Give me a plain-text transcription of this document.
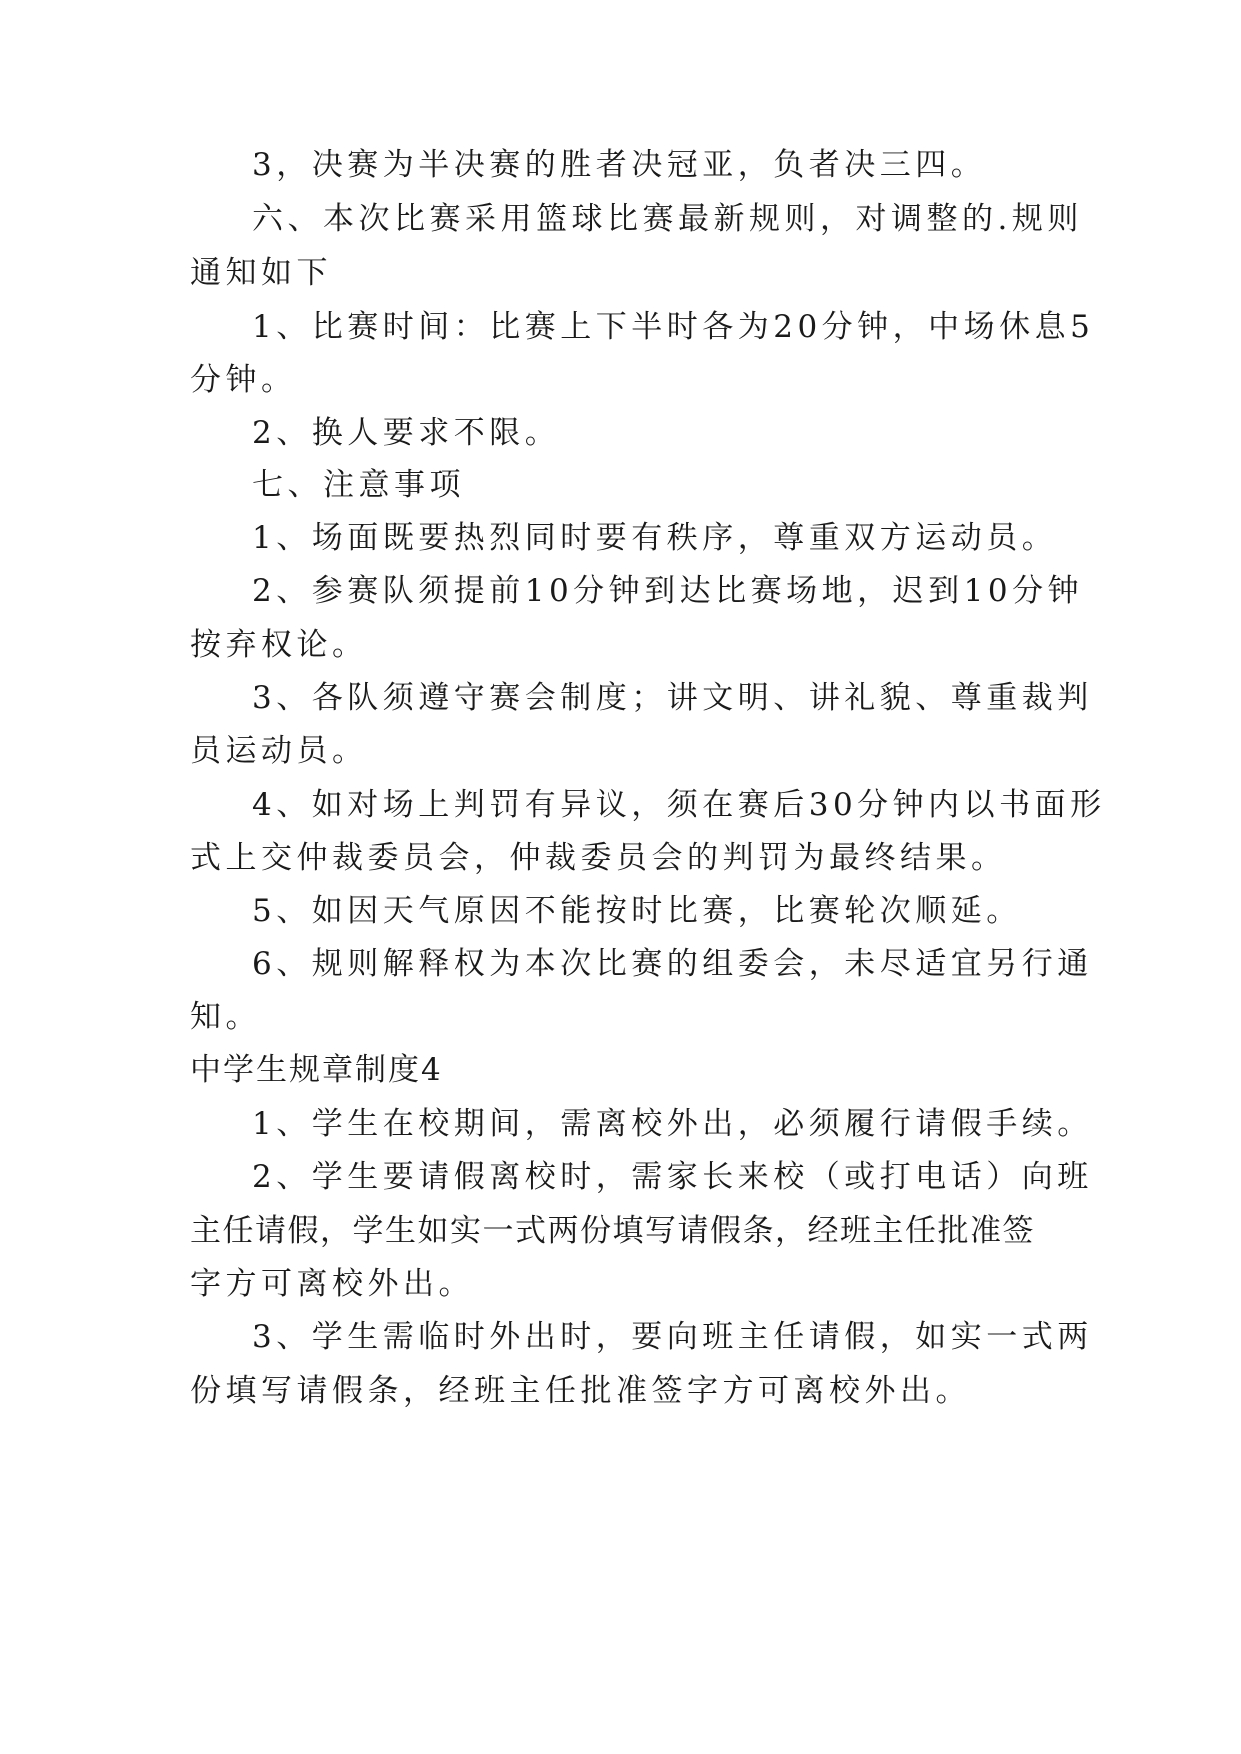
3，决赛为半决赛的胜者决冠亚，负者决三四。
六、本次比赛采用篮球比赛最新规则，对调整的.规则
通知如下
1、比赛时间：比赛上下半时各为20分钟，中场休息5
分钟。
2、换人要求不限。
七、注意事项
1、场面既要热烈同时要有秩序，尊重双方运动员。
2、参赛队须提前10分钟到达比赛场地，迟到10分钟
按弃权论。
3、各队须遵守赛会制度；讲文明、讲礼貌、尊重裁判
员运动员。
4、如对场上判罚有异议，须在赛后30分钟内以书面形
式上交仲裁委员会，仲裁委员会的判罚为最终结果。
5、如因天气原因不能按时比赛，比赛轮次顺延。
6、规则解释权为本次比赛的组委会，未尽适宜另行通
知。
中学生规章制度4
1、学生在校期间，需离校外出，必须履行请假手续。
2、学生要请假离校时，需家长来校（或打电话）向班
主任请假，学生如实一式两份填写请假条，经班主任批准签
字方可离校外出。
3、学生需临时外出时，要向班主任请假，如实一式两
份填写请假条，经班主任批准签字方可离校外出。
